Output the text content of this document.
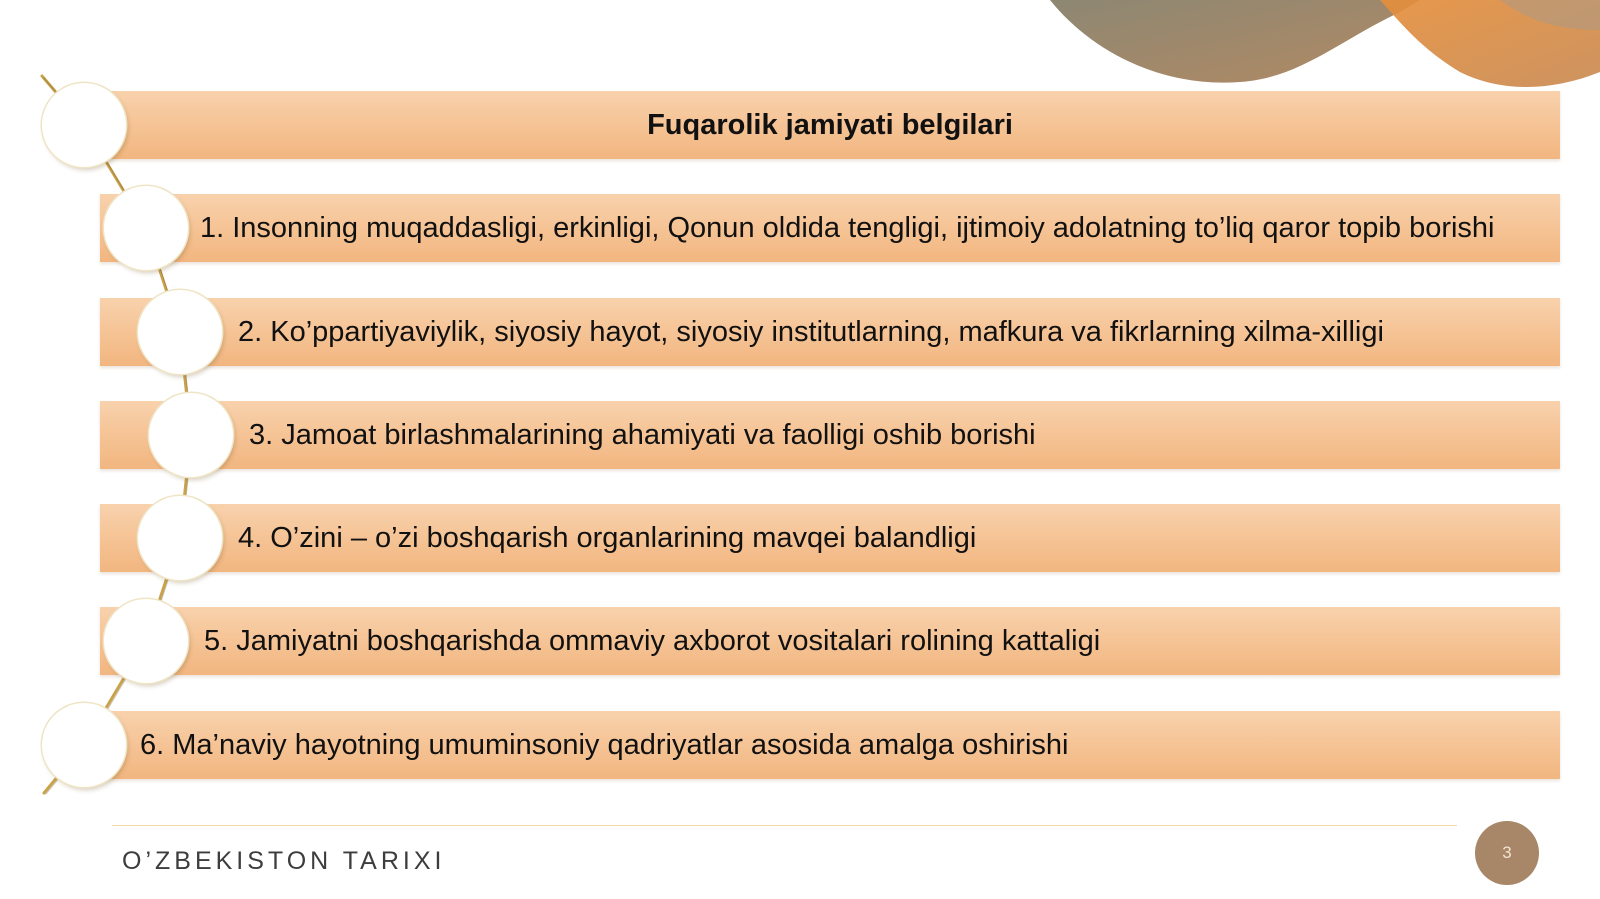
Fuqarolik jamiyati belgilari
1. Insonning muqaddasligi, erkinligi, Qonun oldida tengligi, ijtimoiy adolatning to’liq qaror topib borishi
2. Ko’ppartiyaviylik, siyosiy hayot, siyosiy institutlarning, mafkura va fikrlarning xilma-xilligi
3. Jamoat birlashmalarining ahamiyati va faolligi oshib borishi
4. O’zini – o’zi boshqarish organlarining mavqei balandligi
5. Jamiyatni boshqarishda ommaviy axborot vositalari rolining kattaligi
6. Ma’naviy hayotning umuminsoniy qadriyatlar asosida amalga oshirishi
O’ZBEKISTON TARIXI	3
